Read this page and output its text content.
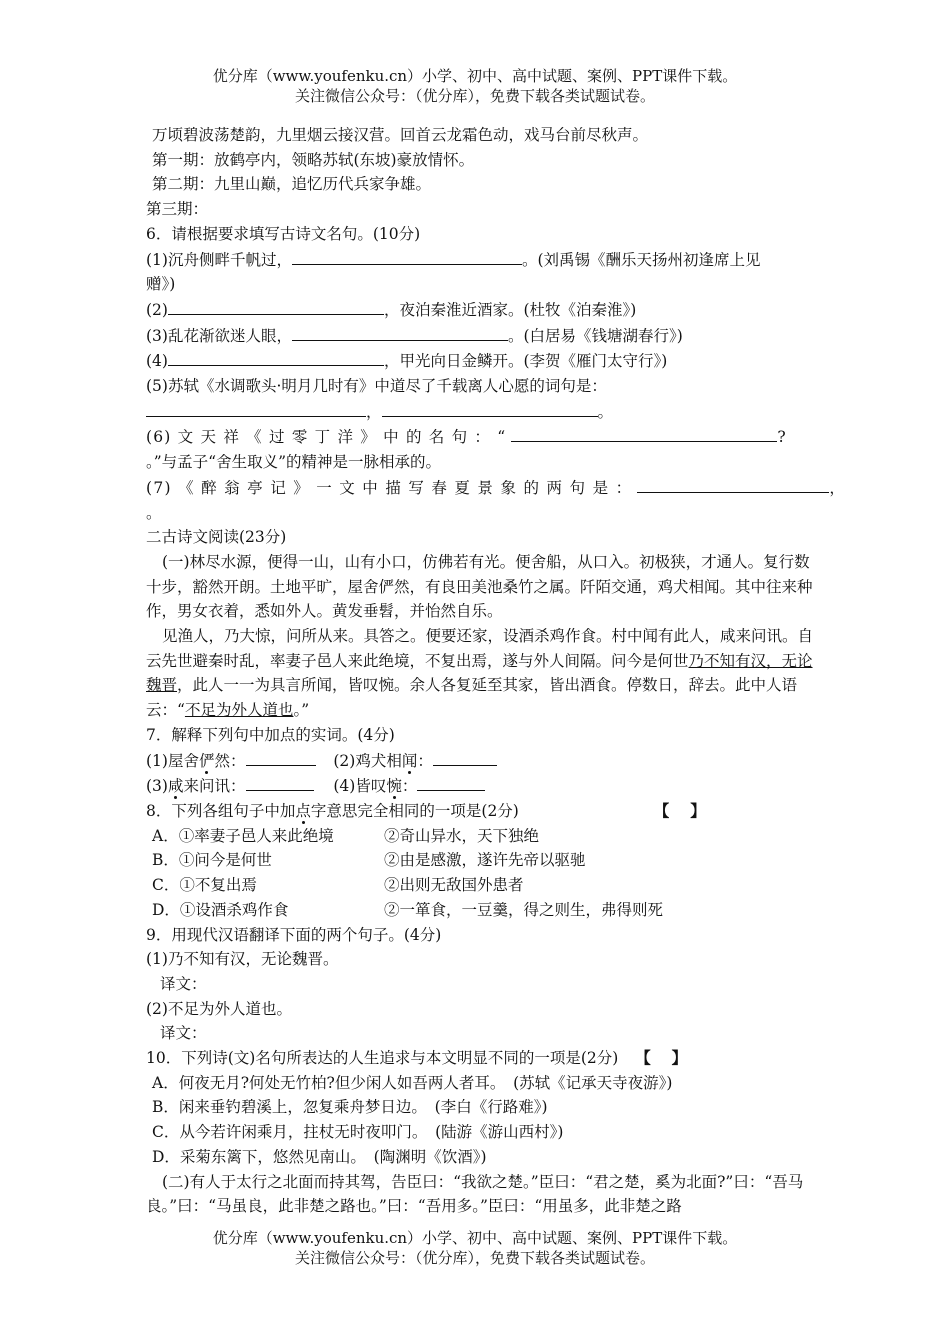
优分库（www.youfenku.cn）小学、初中、高中试题、案例、PPT课件下载。
关注微信公众号：（优分库），免费下载各类试题试卷。
万顷碧波荡楚韵，九里烟云接汉营。回首云龙霜色动，戏马台前尽秋声。
第一期：放鹤亭内，领略苏轼(东坡)豪放情怀。
第二期：九里山巅，追忆历代兵家争雄。
第三期：
6．请根据要求填写古诗文名句。(10分)
(1)沉舟侧畔千帆过，	。(刘禹锡《酬乐天扬州初逢席上见
赠》)
(2)	，夜泊秦淮近酒家。(杜牧《泊秦淮》)
(3)乱花渐欲迷人眼，	。(白居易《钱塘湖春行》)
(4)	，甲光向日金鳞开。(李贺《雁门太守行》)
(5)苏轼《水调歌头·明月几时有》中道尽了千载离人心愿的词句是：
，	。
(6) 文 天 祥 《 过 零 丁 洋 》 中 的 名 句 ： “	?
。”与孟子“舍生取义”的精神是一脉相承的。
(7) 《 醉 翁 亭 记 》 一 文 中 描 写 春 夏 景 象 的 两 句 是 ：	，
。
二古诗文阅读(23分)
(一)林尽水源，便得一山，山有小口，仿佛若有光。便舍船，从口入。初极狭，才通人。复行数十步，豁然开朗。土地平旷，屋舍俨然，有良田美池桑竹之属。阡陌交通，鸡犬相闻。其中往来种作，男女衣着，悉如外人。黄发垂髫，并怡然自乐。
见渔人，乃大惊，问所从来。具答之。便要还家，设酒杀鸡作食。村中闻有此人，咸来问讯。自云先世避秦时乱，率妻子邑人来此绝境，不复出焉，遂与外人间隔。问今是何世乃不知有汉，无论魏晋，此人一一为具言所闻，皆叹惋。余人各复延至其家，皆出酒食。停数日，辞去。此中人语云：“不足为外人道也。”
7．解释下列句中加点的实词。(4分)
(1)屋舍俨然：	(2)鸡犬相闻：
(3)咸来问讯：	(4)皆叹惋：
8．下列各组句子中加点字意思完全相同的一项是(2分)	【　 】
A．①率妻子邑人来此绝境	②奇山异水，天下独绝
B．①问今是何世	②由是感激，遂许先帝以驱驰
C．①不复出焉	②出则无敌国外患者
D．①设酒杀鸡作食	②一箪食，一豆羹，得之则生，弗得则死
9．用现代汉语翻译下面的两个句子。(4分)
(1)乃不知有汉，无论魏晋。
译文：
(2)不足为外人道也。
译文：
10．下列诗(文)名句所表达的人生追求与本文明显不同的一项是(2分) 【　 】
A．何夜无月?何处无竹柏?但少闲人如吾两人者耳。　(苏轼《记承天寺夜游》)
B．闲来垂钓碧溪上，忽复乘舟梦日边。　(李白《行路难》)
C．从今若许闲乘月，拄杖无时夜叩门。　(陆游《游山西村》)
D．采菊东篱下，悠然见南山。　(陶渊明《饮酒》)
(二)有人于太行之北面而持其驾，告臣曰：“我欲之楚。”臣曰：“君之楚，奚为北面?”曰：“吾马良。”曰：“马虽良，此非楚之路也。”曰：“吾用多。”臣曰：“用虽多，此非楚之路
优分库（www.youfenku.cn）小学、初中、高中试题、案例、PPT课件下载。
关注微信公众号：（优分库），免费下载各类试题试卷。
